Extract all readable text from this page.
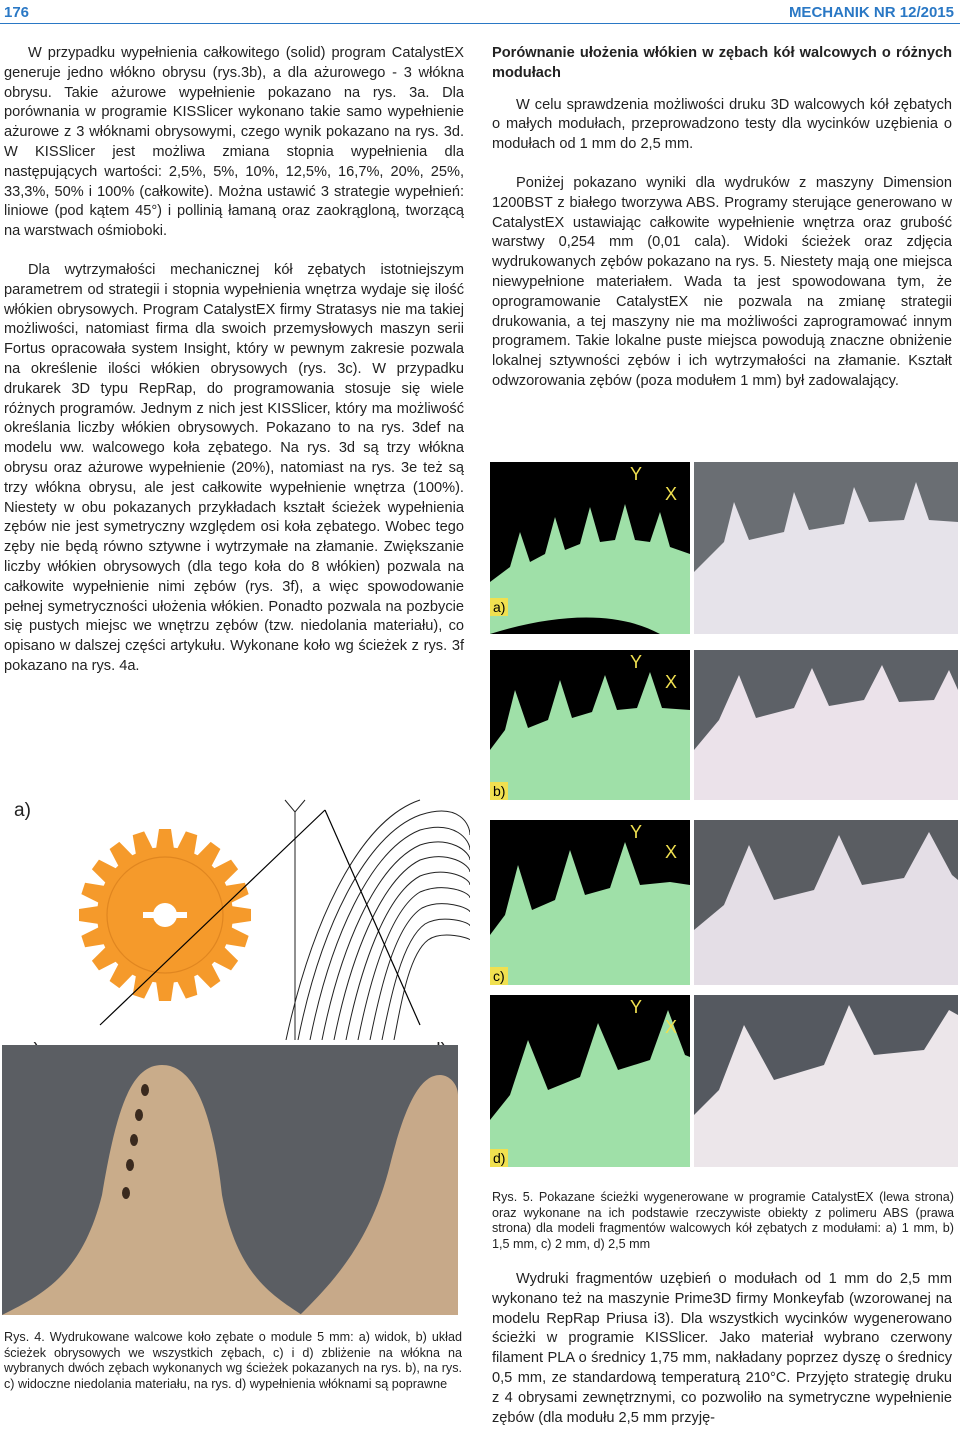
176	MECHANIK NR 12/2015

W przypadku wypełnienia całkowitego (solid) program CatalystEX generuje jedno włókno obrysu (rys.3b), a dla ażurowego - 3 włókna obrysu. Takie ażurowe wypełnienie pokazano na rys. 3a. Dla porównania w programie KISSlicer wykonano takie samo wypełnienie ażurowe z 3 włóknami obrysowymi, czego wynik pokazano na rys. 3d. W KISSlicer jest możliwa zmiana stopnia wypełnienia dla następujących wartości: 2,5%, 5%, 10%, 12,5%, 16,7%, 20%, 25%, 33,3%, 50% i 100% (całkowite). Można ustawić 3 strategie wypełnień: liniowe (pod kątem 45°) i pollinią łamaną oraz zaokrągloną, tworzącą na warstwach ośmioboki.

Dla wytrzymałości mechanicznej kół zębatych istotniejszym parametrem od strategii i stopnia wypełnienia wnętrza wydaje się ilość włókien obrysowych. Program CatalystEX firmy Stratasys nie ma takiej możliwości, natomiast firma dla swoich przemysłowych maszyn serii Fortus opracowała system Insight, który w pewnym zakresie pozwala na określenie ilości włókien obrysowych (rys. 3c). W przypadku drukarek 3D typu RepRap, do programowania stosuje się wiele różnych programów. Jednym z nich jest KISSlicer, który ma możliwość określania liczby włókien obrysowych. Pokazano to na rys. 3def na modelu ww. walcowego koła zębatego. Na rys. 3d są trzy włókna obrysu oraz ażurowe wypełnienie (20%), natomiast na rys. 3e też są trzy włókna obrysu, ale jest całkowite wypełnienie wnętrza (100%). Niestety w obu pokazanych przykładach kształt ścieżek wypełnienia zębów nie jest symetryczny względem osi koła zębatego. Wobec tego zęby nie będą równo sztywne i wytrzymałe na złamanie. Zwiększanie liczby włókien obrysowych (dla tego koła do 8 włókien) pozwala na całkowite wypełnienie nimi zębów (rys. 3f), a więc spowodowanie pełnej symetryczności ułożenia włókien. Ponadto pozwala na pozbycie się pustych miejsc we wnętrzu zębów (tzw. niedolania materiału), co opisano w dalszej części artykułu. Wykonane koło wg ścieżek z rys. 3f pokazano na rys. 4a.

Porównanie ułożenia włókien w zębach kół walcowych o różnych modułach

W celu sprawdzenia możliwości druku 3D walcowych kół zębatych o małych modułach, przeprowadzono testy dla wycinków uzębienia o modułach od 1 mm do 2,5 mm.

Poniżej pokazano wyniki dla wydruków z maszyny Dimension 1200BST z białego tworzywa ABS. Programy sterujące generowano w CatalystEX ustawiając całkowite wypełnienie wnętrza oraz grubość warstwy 0,254 mm (0,01 cala). Widoki ścieżek oraz zdjęcia wydrukowanych zębów pokazano na rys. 5. Niestety mają one miejsca niewypełnione materiałem. Wada ta jest spowodowana tym, że oprogramowanie CatalystEX nie pozwala na zmianę strategii drukowania, a tej maszyny nie ma możliwości zaprogramować innym programem. Takie lokalne puste miejsca powodują znaczne obniżenie lokalnej sztywności zębów i ich wytrzymałości na złamanie. Kształt odwzorowania zębów (poza modułem 1 mm) był zadowalający.

a)
Rys. 4. Wydrukowane walcowe koło zębate o module 5 mm: a) widok, b) układ ścieżek obrysowych we wszystkich zębach, c) i d) zbliżenie na włókna na wybranych dwóch zębach wykonanych wg ścieżek pokazanych na rys. b), na rys. c) widoczne niedolania materiału, na rys. d) wypełnienia włóknami są poprawne
a)
Y
X
b)
Y
X
c)
Y
X
d)
Y
X
Rys. 5. Pokazane ścieżki wygenerowane w programie CatalystEX (lewa strona) oraz wykonane na ich podstawie rzeczywiste obiekty z polimeru ABS (prawa strona) dla modeli fragmentów walcowych kół zębatych z modułami: a) 1 mm, b) 1,5 mm, c) 2 mm, d) 2,5 mm

Wydruki fragmentów uzębień o modułach od 1 mm do 2,5 mm wykonano też na maszynie Prime3D firmy Monkeyfab (wzorowanej na modelu RepRap Priusa i3). Dla wszystkich wycinków wygenerowano ścieżki w programie KISSlicer. Jako materiał wybrano czerwony filament PLA o średnicy 1,75 mm, nakładany poprzez dyszę o średnicy 0,5 mm, ze standardową temperaturą 210°C. Przyjęto strategię druku z 4 obrysami zewnętrznymi, co pozwoliło na symetryczne wypełnienie zębów (dla modułu 2,5 mm przyję-
